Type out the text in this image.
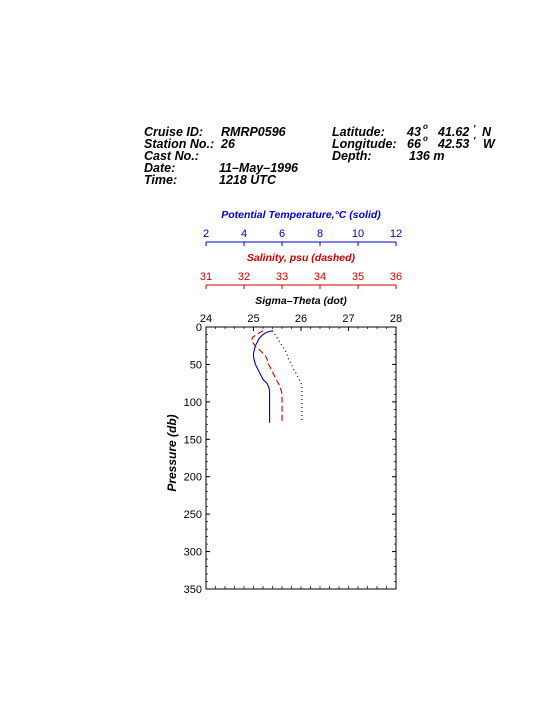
Cruise ID: RMRP0596
Station No.: 26
Cast No.:
Date:	11–May–1996
Time:	1218 UTC
Latitude: 43 o 41.62 ' N
Longitude: 66 o 42.53 ' W
Depth:	136 m
Potential Temperature,°C (solid)
2	4	6	8	10 12
Salinity, psu (dashed)
31 32 33 34 35 36
Sigma–Theta (dot)
24	25	26	27	28
0
50
100
150
200
250
300
350
Pressure (db)
